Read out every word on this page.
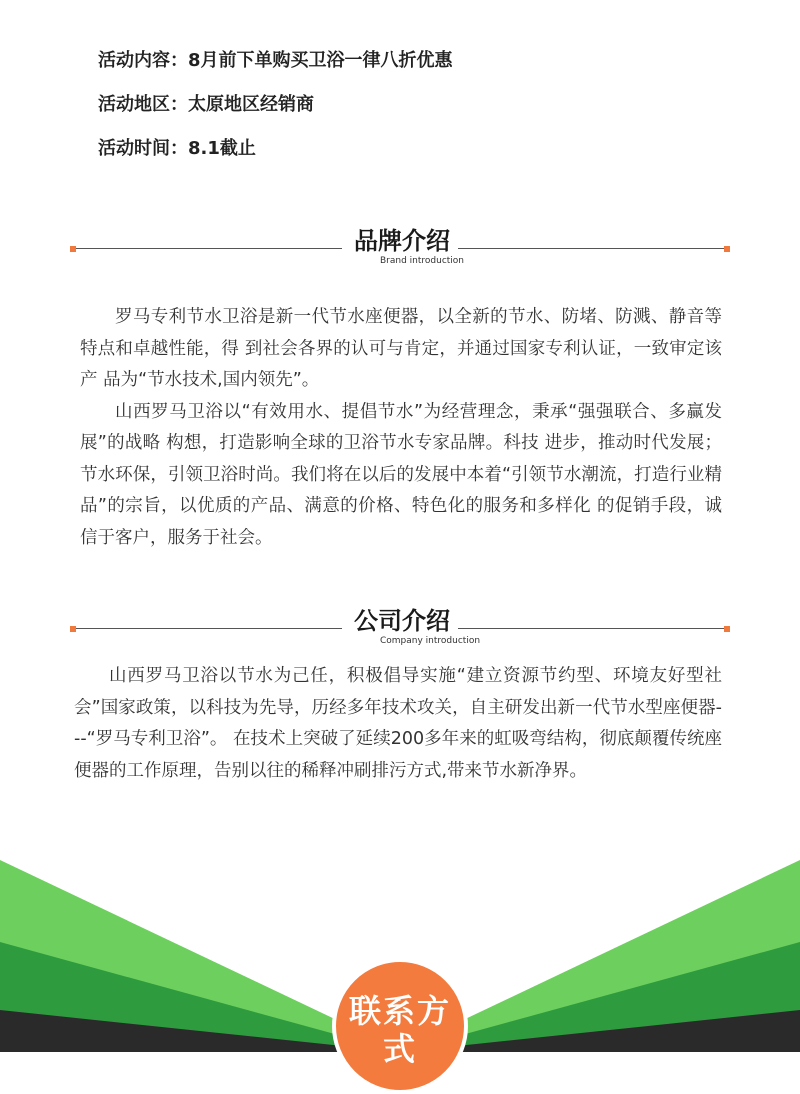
活动内容：8月前下单购买卫浴一律八折优惠
活动地区：太原地区经销商
活动时间：8.1截止
品牌介绍
Brand introduction

罗马专利节水卫浴是新一代节水座便器，以全新的节水、防堵、防溅、静音等特点和卓越性能，得 到社会各界的认可与肯定，并通过国家专利认证，一致审定该产 品为“节水技术,国内领先”。

山西罗马卫浴以“有效用水、提倡节水”为经营理念，秉承“强强联合、多赢发展”的战略 构想，打造影响全球的卫浴节水专家品牌。科技 进步，推动时代发展；节水环保，引领卫浴时尚。我们将在以后的发展中本着“引领节水潮流，打造行业精品”的宗旨，以优质的产品、满意的价格、特色化的服务和多样化 的促销手段，诚信于客户，服务于社会。

公司介绍
Company introduction

山西罗马卫浴以节水为己任，积极倡导实施“建立资源节约型、环境友好型社会”国家政策，以科技为先导，历经多年技术攻关，自主研发出新一代节水型座便器---“罗马专利卫浴”。 在技术上突破了延续200多年来的虹吸弯结构，彻底颠覆传统座便器的工作原理，告别以往的稀释冲刷排污方式,带来节水新净界。

联系方式
